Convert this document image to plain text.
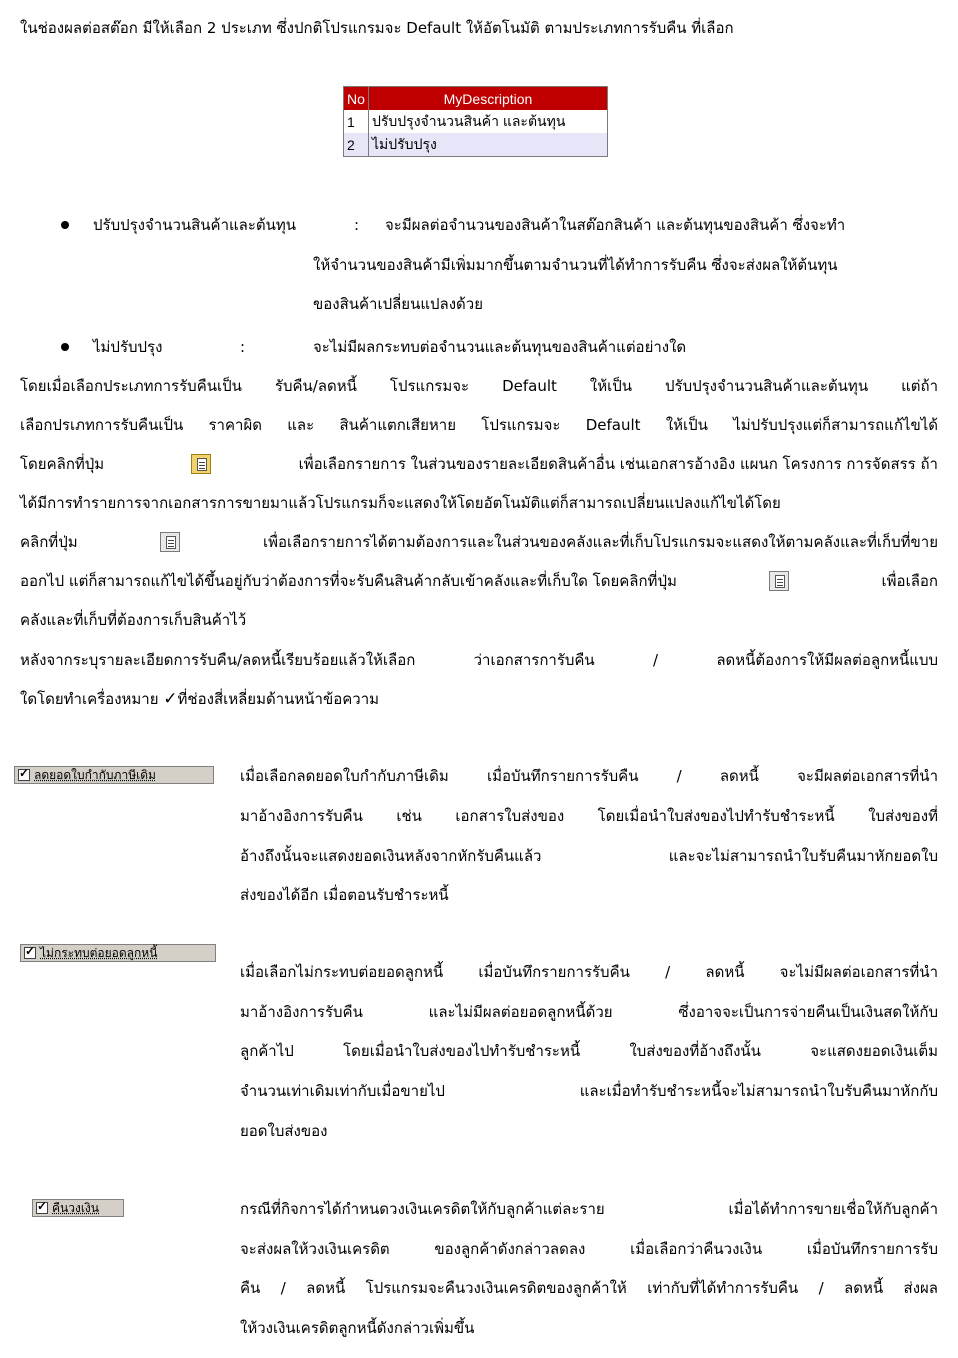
ในช่องผลต่อสต๊อก มีให้เลือก 2 ประเภท ซึ่งปกติโปรแกรมจะ Default ให้อัตโนมัติ ตามประเภทการรับคืน ที่เลือก
No	MyDescription
1	ปรับปรุงจำนวนสินค้า และต้นทุน
2	ไม่ปรับปรุง
ปรับปรุงจำนวนสินค้าและต้นทุน	: จะมีผลต่อจำนวนของสินค้าในสต๊อกสินค้า และต้นทุนของสินค้า ซึ่งจะทำ
ให้จำนวนของสินค้ามีเพิ่มมากขึ้นตามจำนวนที่ได้ทำการรับคืน ซึ่งจะส่งผลให้ต้นทุน
ของสินค้าเปลี่ยนแปลงด้วย
ไม่ปรับปรุง	:	จะไม่มีผลกระทบต่อจำนวนและต้นทุนของสินค้าแต่อย่างใด
โดยเมื่อเลือกประเภทการรับคืนเป็น รับคืน/ลดหนี้ โปรแกรมจะ Default ให้เป็น ปรับปรุงจำนวนสินค้าและต้นทุน แต่ถ้า
เลือกปรเภทการรับคืนเป็น ราคาผิด และ สินค้าแตกเสียหาย โปรแกรมจะ Default ให้เป็น ไม่ปรับปรุงแต่ก็สามารถแก้ไขได้
โดยคลิกที่ปุ่ม	เพื่อเลือกรายการ ในส่วนของรายละเอียดสินค้าอื่น เช่นเอกสารอ้างอิง แผนก โครงการ การจัดสรร ถ้า
ได้มีการทำรายการจากเอกสารการขายมาแล้วโปรแกรมก็จะแสดงให้โดยอัตโนมัติแต่ก็สามารถเปลี่ยนแปลงแก้ไขได้โดย
คลิกที่ปุ่ม	เพื่อเลือกรายการได้ตามต้องการและในส่วนของคลังและที่เก็บโปรแกรมจะแสดงให้ตามคลังและที่เก็บที่ขาย
ออกไป แต่ก็สามารถแก้ไขได้ขึ้นอยู่กับว่าต้องการที่จะรับคืนสินค้ากลับเข้าคลังและที่เก็บใด โดยคลิกที่ปุ่ม	เพื่อเลือก
คลังและที่เก็บที่ต้องการเก็บสินค้าไว้
หลังจากระบุรายละเอียดการรับคืน/ลดหนี้เรียบร้อยแล้วให้เลือก ว่าเอกสารการับคืน / ลดหนี้ต้องการให้มีผลต่อลูกหนี้แบบ
ใดโดยทำเครื่องหมาย ✓ที่ช่องสี่เหลี่ยมด้านหน้าข้อความ
✓
ลดยอดใบกำกับภาษีเดิม	เมื่อเลือกลดยอดใบกำกับภาษีเดิม เมื่อบันทึกรายการรับคืน / ลดหนี้ จะมีผลต่อเอกสารที่นำ
มาอ้างอิงการรับคืน เช่น เอกสารใบส่งของ โดยเมื่อนำใบส่งของไปทำรับชำระหนี้ ใบส่งของที่
อ้างถึงนั้นจะแสดงยอดเงินหลังจากหักรับคืนแล้ว และจะไม่สามารถนำใบรับคืนมาหักยอดใบ
ส่งของได้อีก เมื่อตอนรับชำระหนี้
✓
ไม่กระทบต่อยอดลูกหนี้
เมื่อเลือกไม่กระทบต่อยอดลูกหนี้ เมื่อบันทึกรายการรับคืน / ลดหนี้ จะไม่มีผลต่อเอกสารที่นำ
มาอ้างอิงการรับคืน และไม่มีผลต่อยอดลูกหนี้ด้วย ซึ่งอาจจะเป็นการจ่ายคืนเป็นเงินสดให้กับ
ลูกค้าไป โดยเมื่อนำใบส่งของไปทำรับชำระหนี้ ใบส่งของที่อ้างถึงนั้น จะแสดงยอดเงินเต็ม
จำนวนเท่าเดิมเท่ากับเมื่อขายไป และเมื่อทำรับชำระหนี้จะไม่สามารถนำใบรับคืนมาหักกับ
ยอดใบส่งของ
✓
คืนวงเงิน	กรณีที่กิจการได้กำหนดวงเงินเครดิตให้กับลูกค้าแต่ละราย เมื่อได้ทำการขายเชื่อให้กับลูกค้า
จะส่งผลให้วงเงินเครดิต ของลูกค้าดังกล่าวลดลง เมื่อเลือกว่าคืนวงเงิน เมื่อบันทึกรายการรับ
คืน / ลดหนี้ โปรแกรมจะคืนวงเงินเครดิตของลูกค้าให้ เท่ากับที่ได้ทำการรับคืน / ลดหนี้ ส่งผล
ให้วงเงินเครดิตลูกหนี้ดังกล่าวเพิ่มขึ้น
